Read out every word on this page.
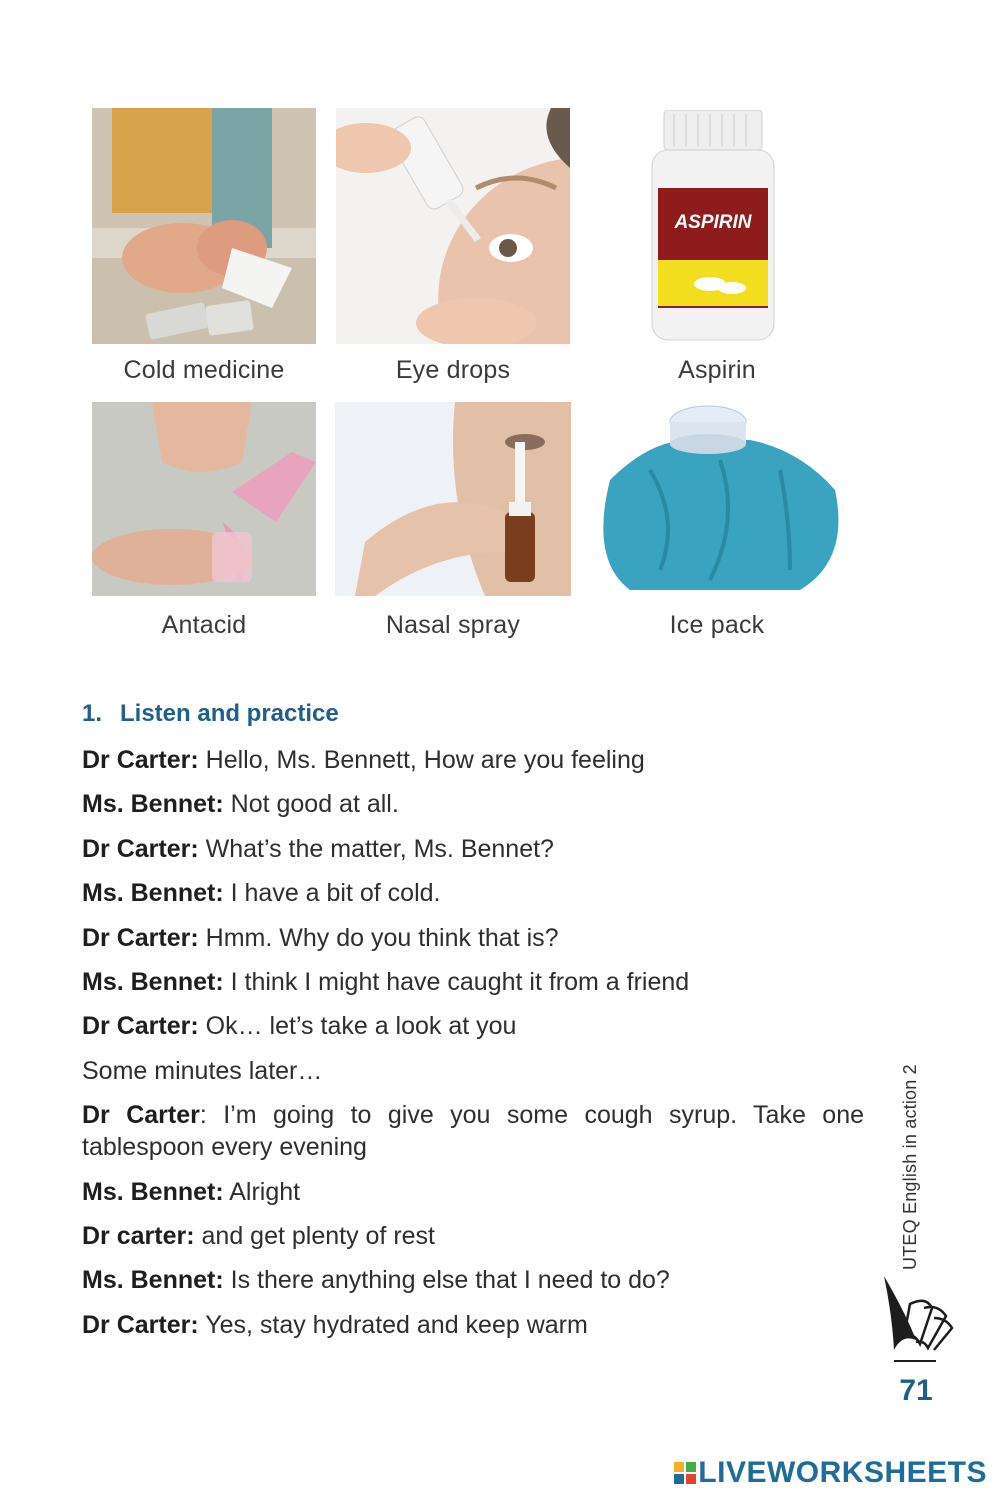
ASPIRIN
Cold medicine	Eye drops	Aspirin
Antacid	Nasal spray	Ice pack
1. Listen and practice
Dr Carter: Hello, Ms. Bennett, How are you feeling
Ms. Bennet: Not good at all.
Dr Carter: What’s the matter, Ms. Bennet?
Ms. Bennet: I have a bit of cold.
Dr Carter: Hmm. Why do you think that is?
Ms. Bennet: I think I might have caught it from a friend
Dr Carter: Ok… let’s take a look at you
Some minutes later…
Dr Carter: I’m going to give you some cough syrup. Take one tablespoon every evening
Ms. Bennet: Alright
Dr carter: and get plenty of rest
Ms. Bennet: Is there anything else that I need to do?
Dr Carter: Yes, stay hydrated and keep warm
UTEQ English in action 2
71
LIVEWORKSHEETS
